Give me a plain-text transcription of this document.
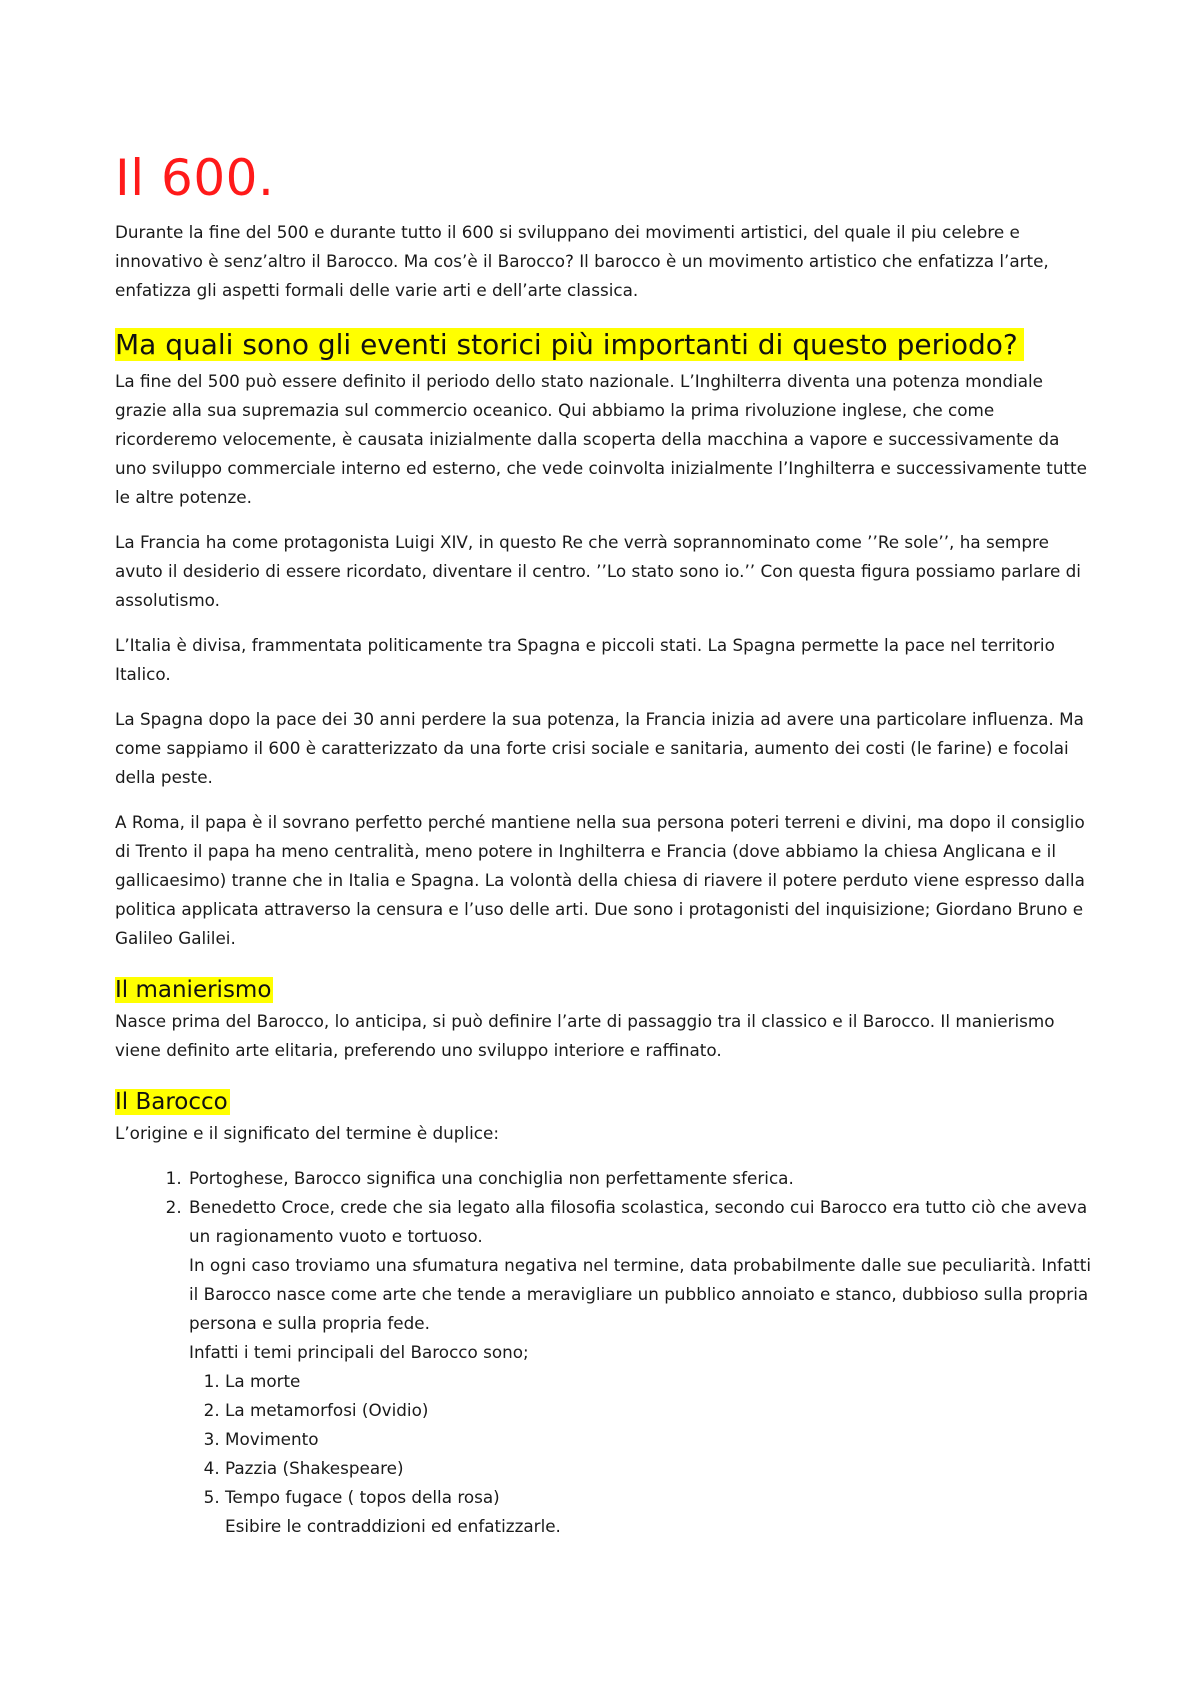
Il 600.

Durante la fine del 500 e durante tutto il 600 si sviluppano dei movimenti artistici, del quale il piu celebre e innovativo è senz’altro il Barocco. Ma cos’è il Barocco? Il barocco è un movimento artistico che enfatizza l’arte, enfatizza gli aspetti formali delle varie arti e dell’arte classica.

Ma quali sono gli eventi storici più importanti di questo periodo?

La fine del 500 può essere definito il periodo dello stato nazionale. L’Inghilterra diventa una potenza mondiale grazie alla sua supremazia sul commercio oceanico. Qui abbiamo la prima rivoluzione inglese, che come ricorderemo velocemente, è causata inizialmente dalla scoperta della macchina a vapore e successivamente da uno sviluppo commerciale interno ed esterno, che vede coinvolta inizialmente l’Inghilterra e successivamente tutte le altre potenze.

La Francia ha come protagonista Luigi XIV, in questo Re che verrà soprannominato come ’’Re sole’’, ha sempre avuto il desiderio di essere ricordato, diventare il centro. ’’Lo stato sono io.’’ Con questa figura possiamo parlare di assolutismo.

L’Italia è divisa, frammentata politicamente tra Spagna e piccoli stati. La Spagna permette la pace nel territorio Italico.

La Spagna dopo la pace dei 30 anni perdere la sua potenza, la Francia inizia ad avere una particolare influenza. Ma come sappiamo il 600 è caratterizzato da una forte crisi sociale e sanitaria, aumento dei costi (le farine) e focolai della peste.

A Roma, il papa è il sovrano perfetto perché mantiene nella sua persona poteri terreni e divini, ma dopo il consiglio di Trento il papa ha meno centralità, meno potere in Inghilterra e Francia (dove abbiamo la chiesa Anglicana e il gallicaesimo) tranne che in Italia e Spagna. La volontà della chiesa di riavere il potere perduto viene espresso dalla politica applicata attraverso la censura e l’uso delle arti. Due sono i protagonisti del inquisizione; Giordano Bruno e Galileo Galilei.

Il manierismo

Nasce prima del Barocco, lo anticipa, si può definire l’arte di passaggio tra il classico e il Barocco. Il manierismo viene definito arte elitaria, preferendo uno sviluppo interiore e raffinato.

Il Barocco

L’origine e il significato del termine è duplice:

1. Portoghese, Barocco significa una conchiglia non perfettamente sferica.
2. Benedetto Croce, crede che sia legato alla filosofia scolastica, secondo cui Barocco era tutto ciò che aveva un ragionamento vuoto e tortuoso.
In ogni caso troviamo una sfumatura negativa nel termine, data probabilmente dalle sue peculiarità. Infatti il Barocco nasce come arte che tende a meravigliare un pubblico annoiato e stanco, dubbioso sulla propria persona e sulla propria fede.
Infatti i temi principali del Barocco sono;
1. La morte
2. La metamorfosi (Ovidio)
3. Movimento
4. Pazzia (Shakespeare)
5. Tempo fugace ( topos della rosa)
Esibire le contraddizioni ed enfatizzarle.
